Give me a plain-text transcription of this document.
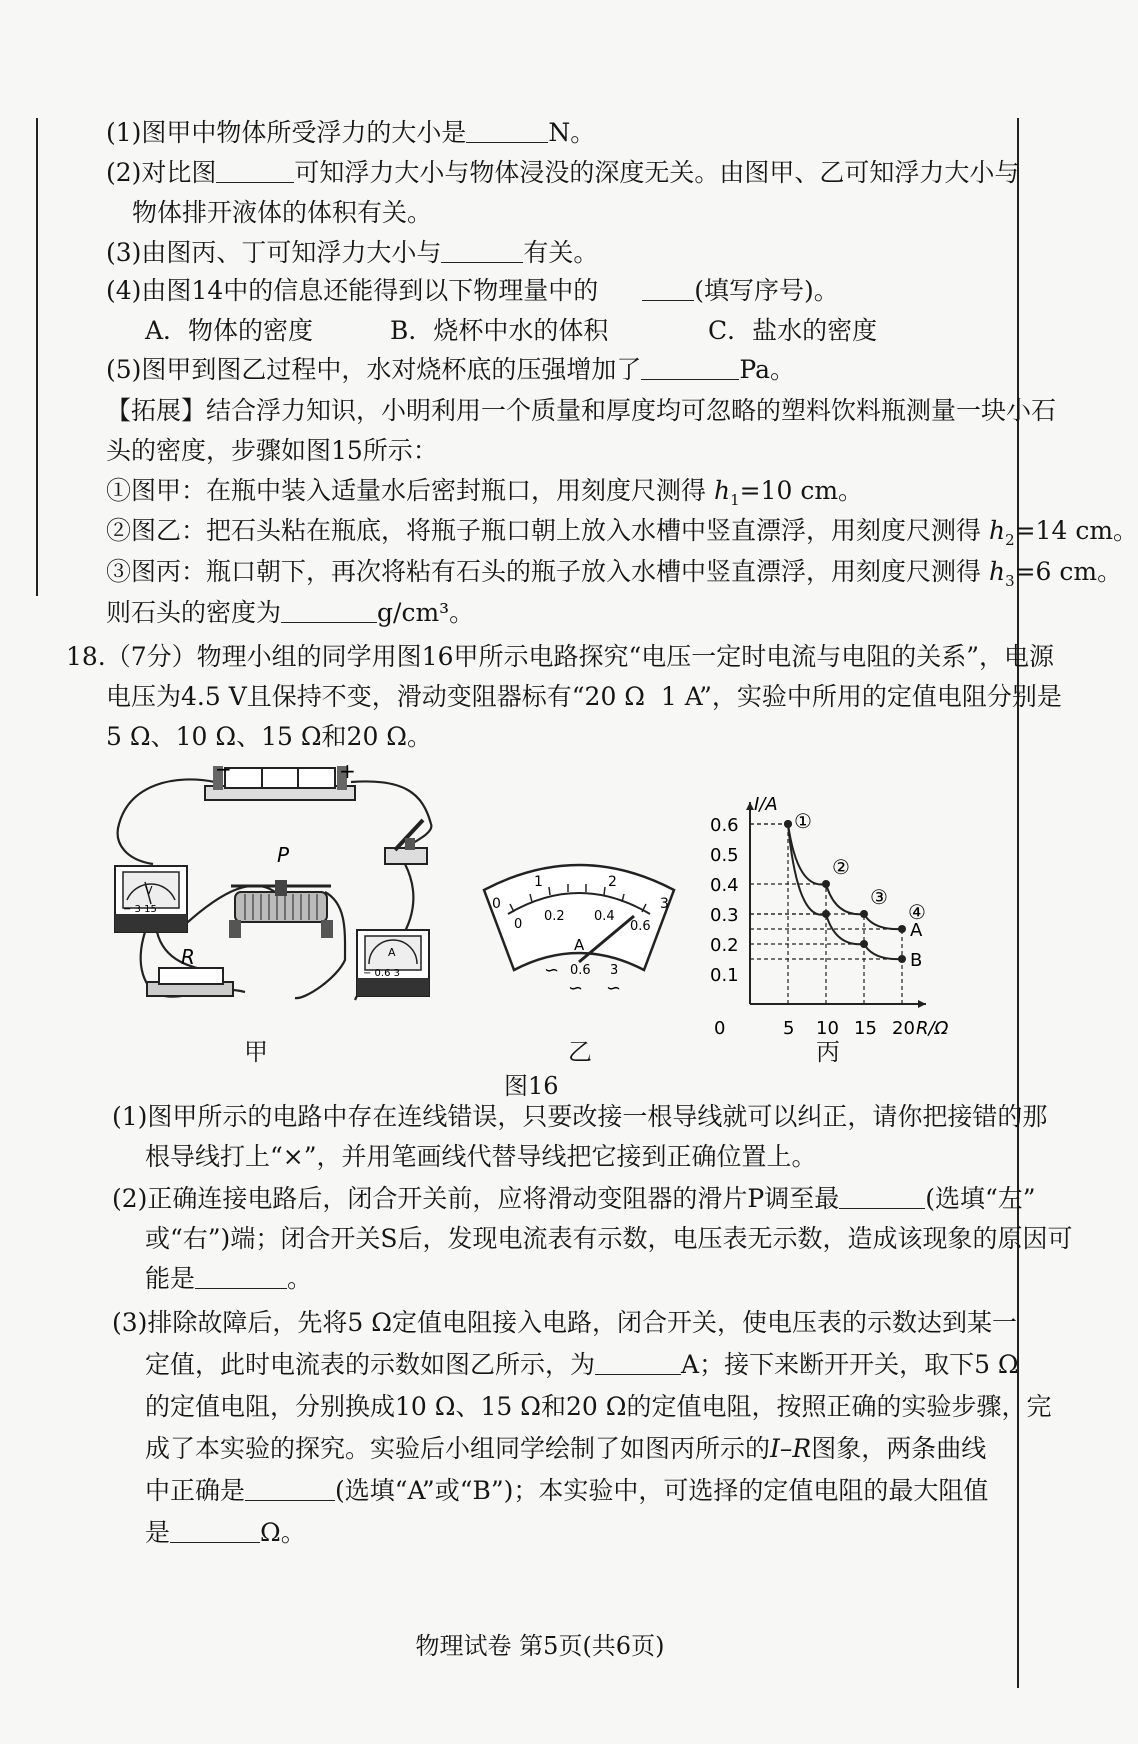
(1)图甲中物体所受浮力的大小是	N。
(2)对比图	可知浮力大小与物体浸没的深度无关。由图甲、乙可知浮力大小与
物体排开液体的体积有关。
(3)由图丙、丁可知浮力大小与	有关。
(4)由图14中的信息还能得到以下物理量中的	(填写序号)。
A．物体的密度	B．烧杯中水的体积	C．盐水的密度
(5)图甲到图乙过程中，水对烧杯底的压强增加了	Pa。
【拓展】结合浮力知识，小明利用一个质量和厚度均可忽略的塑料饮料瓶测量一块小石
头的密度，步骤如图15所示：
①图甲：在瓶中装入适量水后密封瓶口，用刻度尺测得 $h_1=10$ cm。
②图乙：把石头粘在瓶底，将瓶子瓶口朝上放入水槽中竖直漂浮，用刻度尺测得 $h_2=14$ cm。
③图丙：瓶口朝下，再次将粘有石头的瓶子放入水槽中竖直漂浮，用刻度尺测得 $h_3=6$ cm。
则石头的密度为	g/cm³。
18.（7分）物理小组的同学用图16甲所示电路探究“电压一定时电流与电阻的关系”，电源
电压为4.5 V且保持不变，滑动变阻器标有“20 Ω  1 A”，实验中所用的定值电阻分别是
5 Ω、10 Ω、15 Ω和20 Ω。
−	+
V
− 3 15
P
R	A
− 0.6 3
甲
0
1	2
3
0
0.2 0.4
0.6
A
∽ 0.6 3
∽ ∽
乙
0.1
0.2
0.3
0.4
0.5
0.6
0	5 10 15 20
I/A
R/Ω
A
B
①
②
③
④
丙
图16
(1)图甲所示的电路中存在连线错误，只要改接一根导线就可以纠正，请你把接错的那
根导线打上“×”，并用笔画线代替导线把它接到正确位置上。
(2)正确连接电路后，闭合开关前，应将滑动变阻器的滑片P调至最	(选填“左”
或“右”)端；闭合开关S后，发现电流表有示数，电压表无示数，造成该现象的原因可
能是	。
(3)排除故障后，先将5 Ω定值电阻接入电路，闭合开关，使电压表的示数达到某一
定值，此时电流表的示数如图乙所示，为	A；接下来断开开关，取下5 Ω
的定值电阻，分别换成10 Ω、15 Ω和20 Ω的定值电阻，按照正确的实验步骤，完
成了本实验的探究。实验后小组同学绘制了如图丙所示的I–R图象，两条曲线
中正确是	(选填“A”或“B”)；本实验中，可选择的定值电阻的最大阻值
是	Ω。
物理试卷 第5页(共6页)
